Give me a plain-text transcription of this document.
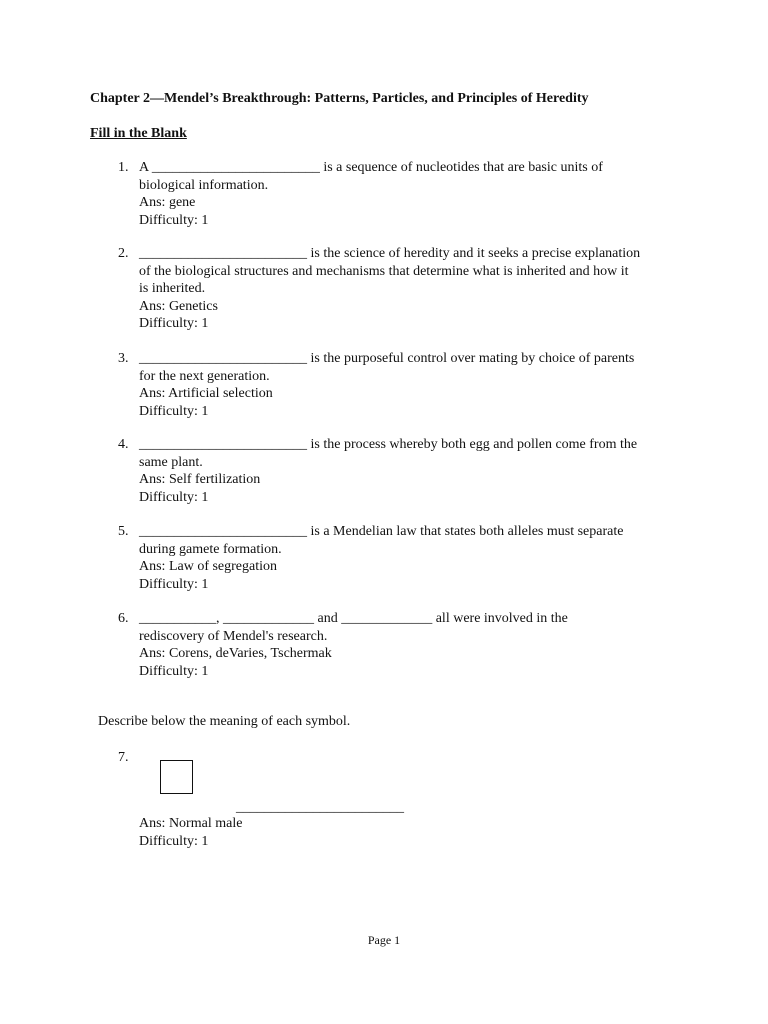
Chapter 2—Mendel’s Breakthrough: Patterns, Particles, and Principles of Heredity
Fill in the Blank
1. A ________________________ is a sequence of nucleotides that are basic units of
biological information.
Ans: gene
Difficulty: 1
2. ________________________ is the science of heredity and it seeks a precise explanation
of the biological structures and mechanisms that determine what is inherited and how it
is inherited.
Ans: Genetics
Difficulty: 1
3. ________________________ is the purposeful control over mating by choice of parents
for the next generation.
Ans: Artificial selection
Difficulty: 1
4. ________________________ is the process whereby both egg and pollen come from the
same plant.
Ans: Self fertilization
Difficulty: 1
5. ________________________ is a Mendelian law that states both alleles must separate
during gamete formation.
Ans: Law of segregation
Difficulty: 1
6. ___________, _____________ and _____________ all were involved in the
rediscovery of Mendel's research.
Ans: Corens, deVaries, Tschermak
Difficulty: 1
Describe below the meaning of each symbol.
7.
________________________
Ans: Normal male
Difficulty: 1
Page 1
